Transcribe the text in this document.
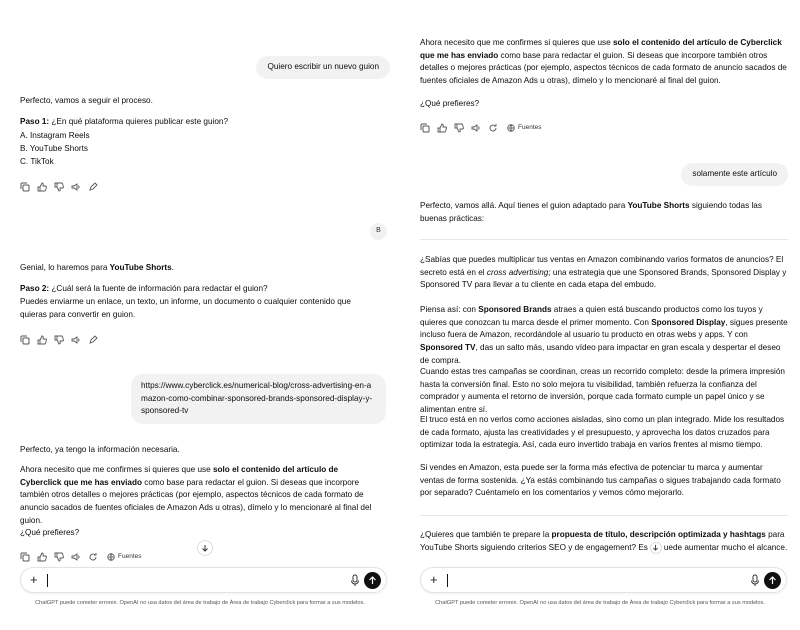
Quiero escribir un nuevo guion

Perfecto, vamos a seguir el proceso.

Paso 1: ¿En qué plataforma quieres publicar este guion?

A. Instagram Reels

B. YouTube Shorts

C. TikTok

B

Genial, lo haremos para YouTube Shorts.

Paso 2: ¿Cuál será la fuente de información para redactar el guion?

Puedes enviarme un enlace, un texto, un informe, un documento o cualquier contenido que quieras para convertir en guion.

https://www.cyberclick.es/numerical-blog/cross-advertising-en-amazon-como-combinar-sponsored-brands-sponsored-display-y-sponsored-tv

Perfecto, ya tengo la información necesaria.

Ahora necesito que me confirmes si quieres que use solo el contenido del artículo de Cyberclick que me has enviado como base para redactar el guion. Si deseas que incorpore también otros detalles o mejores prácticas (por ejemplo, aspectos técnicos de cada formato de anuncio sacados de fuentes oficiales de Amazon Ads u otras), dímelo y lo mencionaré al final del guion.

¿Qué prefieres?

Fuentes
+
ChatGPT puede cometer errores. OpenAI no usa datos del área de trabajo de Área de trabajo Cyberclick para formar a sus modelos.

Ahora necesito que me confirmes si quieres que use solo el contenido del artículo de Cyberclick que me has enviado como base para redactar el guion. Si deseas que incorpore también otros detalles o mejores prácticas (por ejemplo, aspectos técnicos de cada formato de anuncio sacados de fuentes oficiales de Amazon Ads u otras), dímelo y lo mencionaré al final del guion.

¿Qué prefieres?

Fuentes
solamente este artículo

Perfecto, vamos allá. Aquí tienes el guion adaptado para YouTube Shorts siguiendo todas las buenas prácticas:

¿Sabías que puedes multiplicar tus ventas en Amazon combinando varios formatos de anuncios? El secreto está en el cross advertising; una estrategia que une Sponsored Brands, Sponsored Display y Sponsored TV para llevar a tu cliente en cada etapa del embudo.

Piensa así: con Sponsored Brands atraes a quien está buscando productos como los tuyos y quieres que conozcan tu marca desde el primer momento. Con Sponsored Display, sigues presente incluso fuera de Amazon, recordándole al usuario tu producto en otras webs y apps. Y con Sponsored TV, das un salto más, usando vídeo para impactar en gran escala y despertar el deseo de compra.

Cuando estas tres campañas se coordinan, creas un recorrido completo: desde la primera impresión hasta la conversión final. Esto no solo mejora tu visibilidad, también refuerza la confianza del comprador y aumenta el retorno de inversión, porque cada formato cumple un papel único y se alimentan entre sí.

El truco está en no verlos como acciones aisladas, sino como un plan integrado. Mide los resultados de cada formato, ajusta las creatividades y el presupuesto, y aprovecha los datos cruzados para optimizar toda la estrategia. Así, cada euro invertido trabaja en varios frentes al mismo tiempo.

Si vendes en Amazon, esta puede ser la forma más efectiva de potenciar tu marca y aumentar ventas de forma sostenida. ¿Ya estás combinando tus campañas o sigues trabajando cada formato por separado? Cuéntamelo en los comentarios y vemos cómo mejorarlo.

¿Quieres que también te prepare la propuesta de título, descripción optimizada y hashtags para YouTube Shorts siguiendo criterios SEO y de engagement? Es uede aumentar mucho el alcance.

+
ChatGPT puede cometer errores. OpenAI no usa datos del área de trabajo de Área de trabajo Cyberclick para formar a sus modelos.
